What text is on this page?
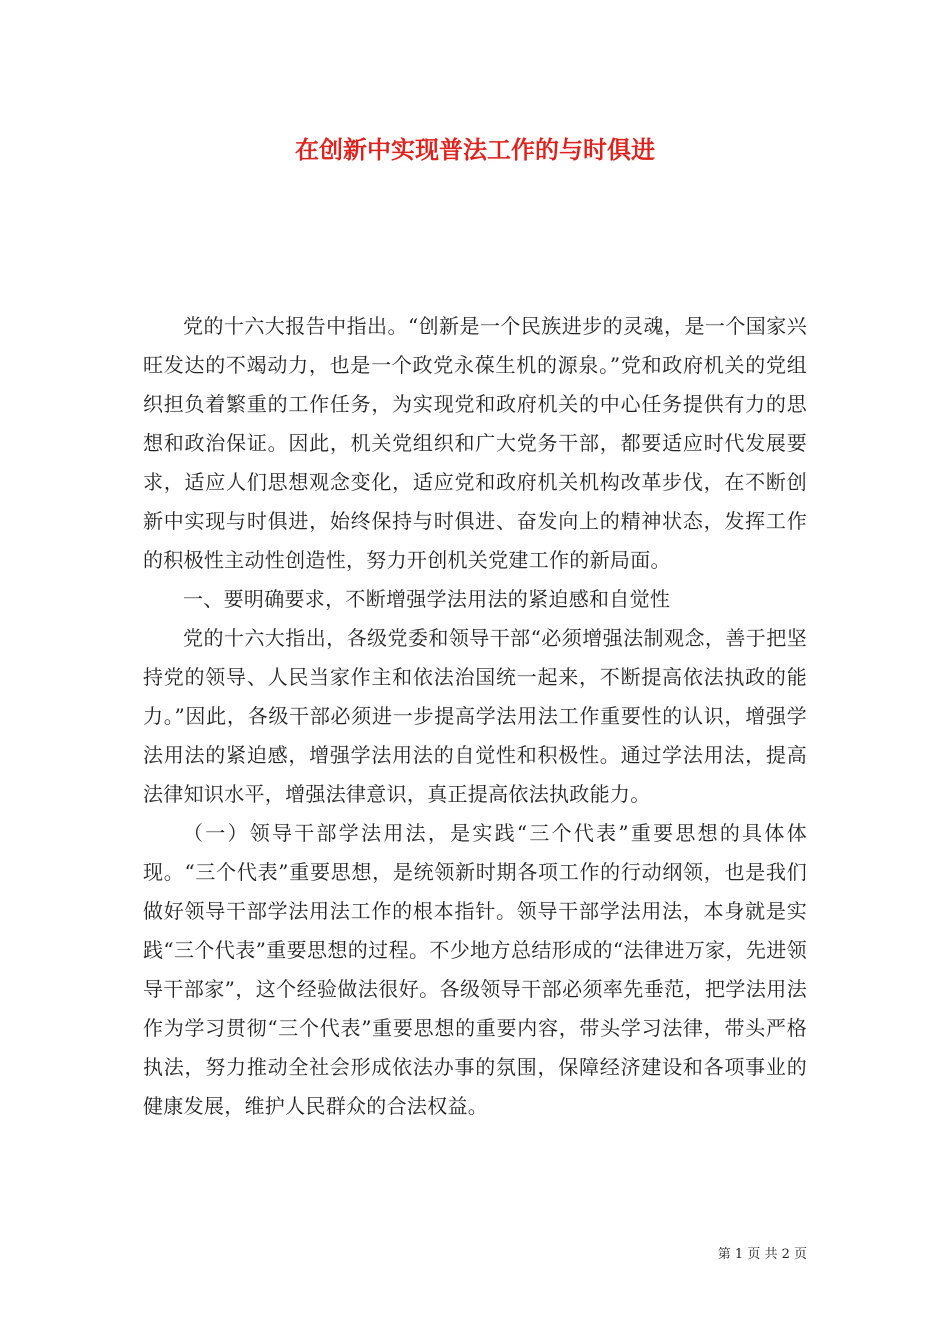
在创新中实现普法工作的与时俱进

党的十六大报告中指出。“创新是一个民族进步的灵魂，是一个国家兴旺发达的不竭动力，也是一个政党永葆生机的源泉。”党和政府机关的党组织担负着繁重的工作任务，为实现党和政府机关的中心任务提供有力的思想和政治保证。因此，机关党组织和广大党务干部，都要适应时代发展要求，适应人们思想观念变化，适应党和政府机关机构改革步伐，在不断创新中实现与时俱进，始终保持与时俱进、奋发向上的精神状态，发挥工作的积极性主动性创造性，努力开创机关党建工作的新局面。

一、要明确要求，不断增强学法用法的紧迫感和自觉性

党的十六大指出，各级党委和领导干部“必须增强法制观念，善于把坚持党的领导、人民当家作主和依法治国统一起来，不断提高依法执政的能力。”因此，各级干部必须进一步提高学法用法工作重要性的认识，增强学法用法的紧迫感，增强学法用法的自觉性和积极性。通过学法用法，提高法律知识水平，增强法律意识，真正提高依法执政能力。

（一）领导干部学法用法，是实践“三个代表”重要思想的具体体现。“三个代表”重要思想，是统领新时期各项工作的行动纲领，也是我们做好领导干部学法用法工作的根本指针。领导干部学法用法，本身就是实践“三个代表”重要思想的过程。不少地方总结形成的“法律进万家，先进领导干部家”，这个经验做法很好。各级领导干部必须率先垂范，把学法用法作为学习贯彻“三个代表”重要思想的重要内容，带头学习法律，带头严格执法，努力推动全社会形成依法办事的氛围，保障经济建设和各项事业的健康发展，维护人民群众的合法权益。

第 1 页 共 2 页
